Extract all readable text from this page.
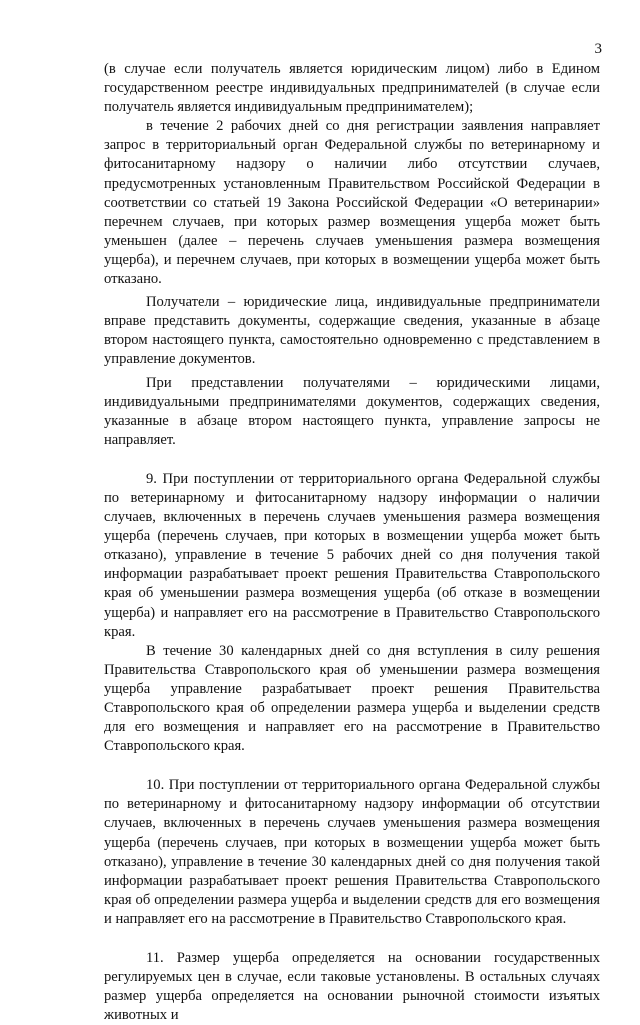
3

(в случае если получатель является юридическим лицом) либо в Едином государственном реестре индивидуальных предпринимателей (в случае если получатель является индивидуальным предпринимателем);

в течение 2 рабочих дней со дня регистрации заявления направляет запрос в территориальный орган Федеральной службы по ветеринарному и фитосанитарному надзору о наличии либо отсутствии случаев, предусмотренных установленным Правительством Российской Федерации в соответствии со статьей 19 Закона Российской Федерации «О ветеринарии» перечнем случаев, при которых размер возмещения ущерба может быть уменьшен (далее – перечень случаев уменьшения размера возмещения ущерба), и перечнем случаев, при которых в возмещении ущерба может быть отказано.

Получатели – юридические лица, индивидуальные предприниматели вправе представить документы, содержащие сведения, указанные в абзаце втором настоящего пункта, самостоятельно одновременно с представлением в управление документов.

При представлении получателями – юридическими лицами, индивидуальными предпринимателями документов, содержащих сведения, указанные в абзаце втором настоящего пункта, управление запросы не направляет.

9. При поступлении от территориального органа Федеральной службы по ветеринарному и фитосанитарному надзору информации о наличии случаев, включенных в перечень случаев уменьшения размера возмещения ущерба (перечень случаев, при которых в возмещении ущерба может быть отказано), управление в течение 5 рабочих дней со дня получения такой информации разрабатывает проект решения Правительства Ставропольского края об уменьшении размера возмещения ущерба (об отказе в возмещении ущерба) и направляет его на рассмотрение в Правительство Ставропольского края.

В течение 30 календарных дней со дня вступления в силу решения Правительства Ставропольского края об уменьшении размера возмещения ущерба управление разрабатывает проект решения Правительства Ставропольского края об определении размера ущерба и выделении средств для его возмещения и направляет его на рассмотрение в Правительство Ставропольского края.

10. При поступлении от территориального органа Федеральной службы по ветеринарному и фитосанитарному надзору информации об отсутствии случаев, включенных в перечень случаев уменьшения размера возмещения ущерба (перечень случаев, при которых в возмещении ущерба может быть отказано), управление в течение 30 календарных дней со дня получения такой информации разрабатывает проект решения Правительства Ставропольского края об определении размера ущерба и выделении средств для его возмещения и направляет его на рассмотрение в Правительство Ставропольского края.

11. Размер ущерба определяется на основании государственных регулируемых цен в случае, если таковые установлены. В остальных случаях размер ущерба определяется на основании рыночной стоимости изъятых животных и
